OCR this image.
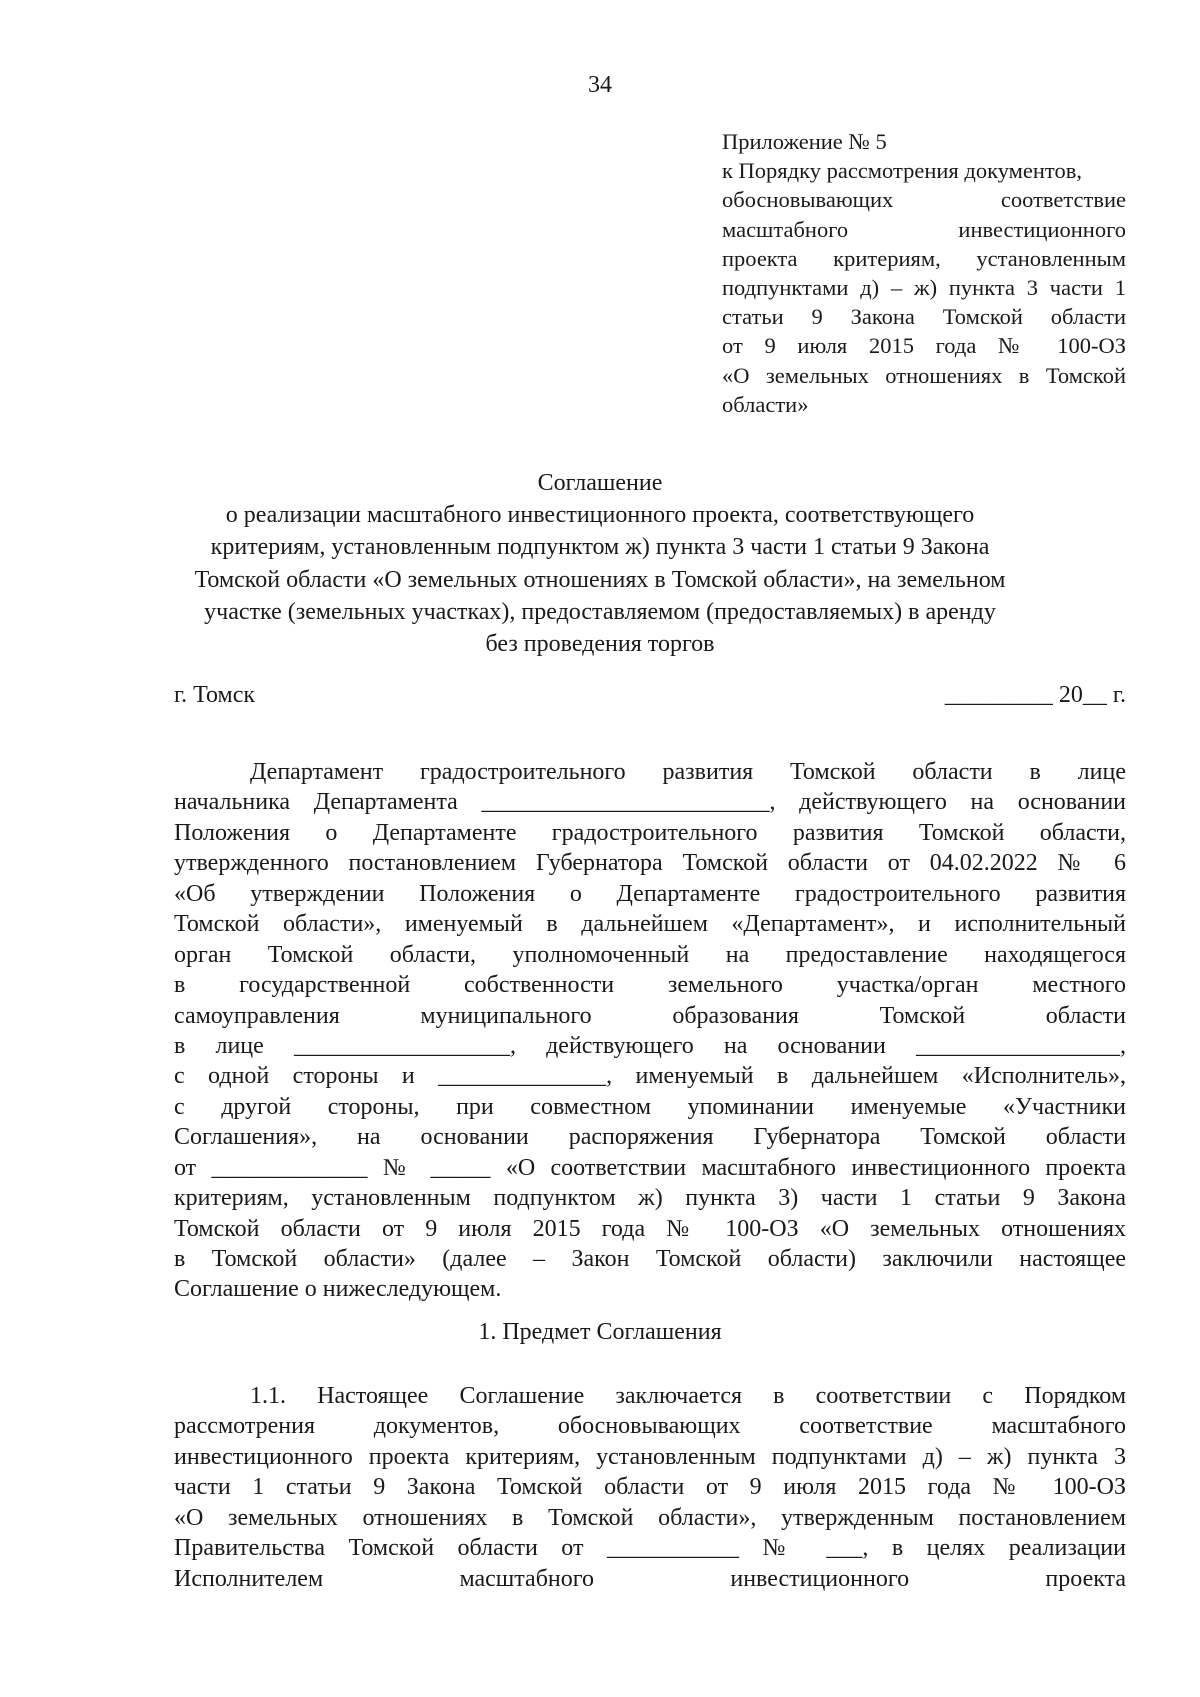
34
Приложение № 5
к Порядку рассмотрения документов,
обосновывающих соответствие
масштабного инвестиционного
проекта критериям, установленным
подпунктами д) – ж) пункта 3 части 1
статьи 9 Закона Томской области
от 9 июля 2015 года № 100-ОЗ
«О земельных отношениях в Томской
области»
Соглашение
о реализации масштабного инвестиционного проекта, соответствующего
критериям, установленным подпунктом ж) пункта 3 части 1 статьи 9 Закона
Томской области «О земельных отношениях в Томской области», на земельном
участке (земельных участках), предоставляемом (предоставляемых) в аренду
без проведения торгов
г. Томск	_________ 20__ г.
Департамент градостроительного развития Томской области в лице
начальника Департамента ________________________, действующего на основании
Положения о Департаменте градостроительного развития Томской области,
утвержденного постановлением Губернатора Томской области от 04.02.2022 № 6
«Об утверждении Положения о Департаменте градостроительного развития
Томской области», именуемый в дальнейшем «Департамент», и исполнительный
орган Томской области, уполномоченный на предоставление находящегося
в государственной собственности земельного участка/орган местного
самоуправления муниципального образования Томской области
в лице __________________, действующего на основании _________________,
с одной стороны и ______________, именуемый в дальнейшем «Исполнитель»,
с другой стороны, при совместном упоминании именуемые «Участники
Соглашения», на основании распоряжения Губернатора Томской области
от _____________ № _____ «О соответствии масштабного инвестиционного проекта
критериям, установленным подпунктом ж) пункта 3) части 1 статьи 9 Закона
Томской области от 9 июля 2015 года № 100-ОЗ «О земельных отношениях
в Томской области» (далее – Закон Томской области) заключили настоящее
Соглашение о нижеследующем.
1. Предмет Соглашения
1.1. Настоящее Соглашение заключается в соответствии с Порядком
рассмотрения документов, обосновывающих соответствие масштабного
инвестиционного проекта критериям, установленным подпунктами д) – ж) пункта 3
части 1 статьи 9 Закона Томской области от 9 июля 2015 года № 100-ОЗ
«О земельных отношениях в Томской области», утвержденным постановлением
Правительства Томской области от ___________ № ___, в целях реализации
Исполнителем масштабного инвестиционного проекта
